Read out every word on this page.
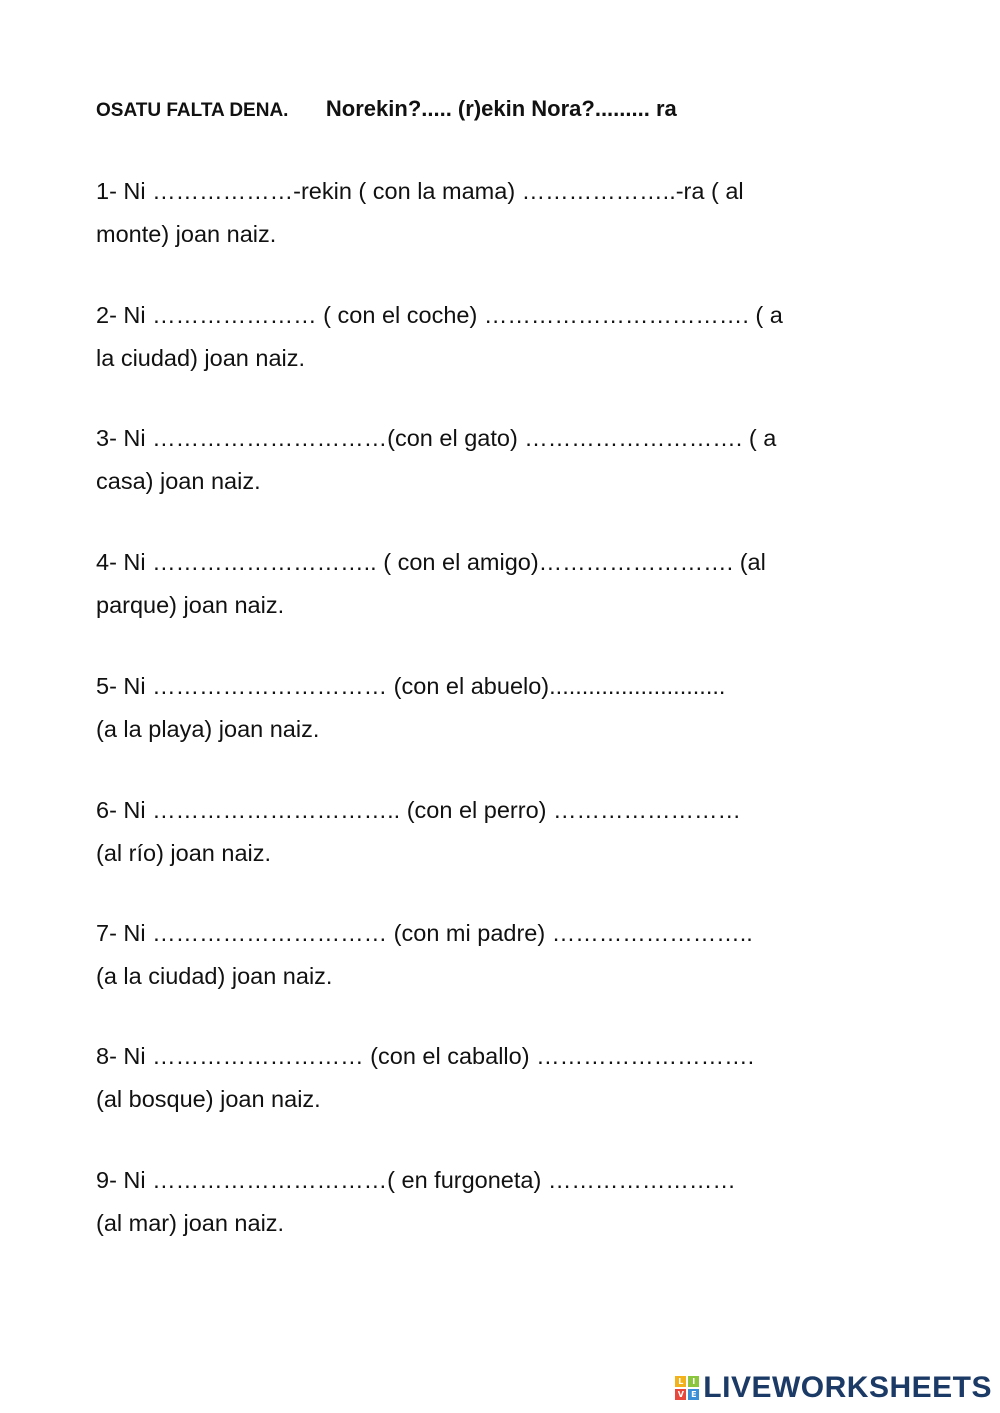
OSATU FALTA DENA. Norekin?..... (r)ekin Nora?......... ra
1- Ni ………………-rekin ( con la mama) ………………..-ra ( al
monte) joan naiz.
2- Ni ………………… ( con el coche) ……………………………. ( a
la ciudad) joan naiz.
3- Ni …………………………(con el gato) ………………………. ( a
casa) joan naiz.
4- Ni ……………………….. ( con el amigo)……………………. (al
parque) joan naiz.
5- Ni ………………………… (con el abuelo)...........................
(a la playa) joan naiz.
6- Ni ………………………….. (con el perro) ……………………
(al río) joan naiz.
7- Ni ………………………… (con mi padre) ……………………..
(a la ciudad) joan naiz.
8- Ni ……………………… (con el caballo) ……………………….
(al bosque) joan naiz.
9- Ni …………………………( en furgoneta) ……………………
(al mar) joan naiz.
L	I
V E LIVEWORKSHEETS
